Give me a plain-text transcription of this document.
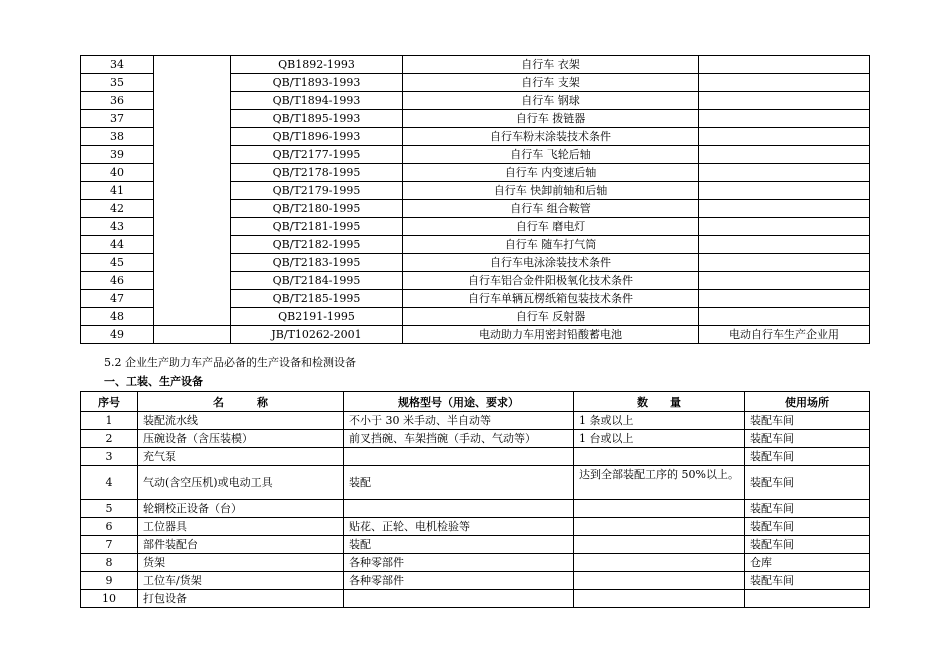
34		QB1892-1993	自行车 衣架	
35		QB/T1893-1993	自行车 支架	
36		QB/T1894-1993	自行车 钢球	
37		QB/T1895-1993	自行车 拨链器	
38		QB/T1896-1993	自行车粉末涂装技术条件	
39		QB/T2177-1995	自行车 飞轮后轴	
40		QB/T2178-1995	自行车 内变速后轴	
41		QB/T2179-1995	自行车 快卸前轴和后轴	
42		QB/T2180-1995	自行车 组合鞍管	
43		QB/T2181-1995	自行车 磨电灯	
44		QB/T2182-1995	自行车 随车打气筒	
45		QB/T2183-1995	自行车电泳涂装技术条件	
46		QB/T2184-1995	自行车铝合金件阳极氧化技术条件	
47		QB/T2185-1995	自行车单辆瓦楞纸箱包装技术条件	
48		QB2191-1995	自行车 反射器	
49		JB/T10262-2001	电动助力车用密封铅酸蓄电池	电动自行车生产企业用
5.2 企业生产助力车产品必备的生产设备和检测设备
一、工装、生产设备
序号	名　　　称	规格型号（用途、要求）	数　　量	使用场所
1	装配流水线	不小于 30 米手动、半自动等	1 条或以上	装配车间
2	压碗设备（含压装模）	前叉挡碗、车架挡碗（手动、气动等）	1 台或以上	装配车间
3	充气泵			装配车间
4	气动(含空压机)或电动工具	装配	达到全部装配工序的 50%以上。	装配车间
5	轮辋校正设备（台）			装配车间
6	工位器具	贴花、正轮、电机检验等		装配车间
7	部件装配台	装配		装配车间
8	货架	各种零部件		仓库
9	工位车/货架	各种零部件		装配车间
10	打包设备			
